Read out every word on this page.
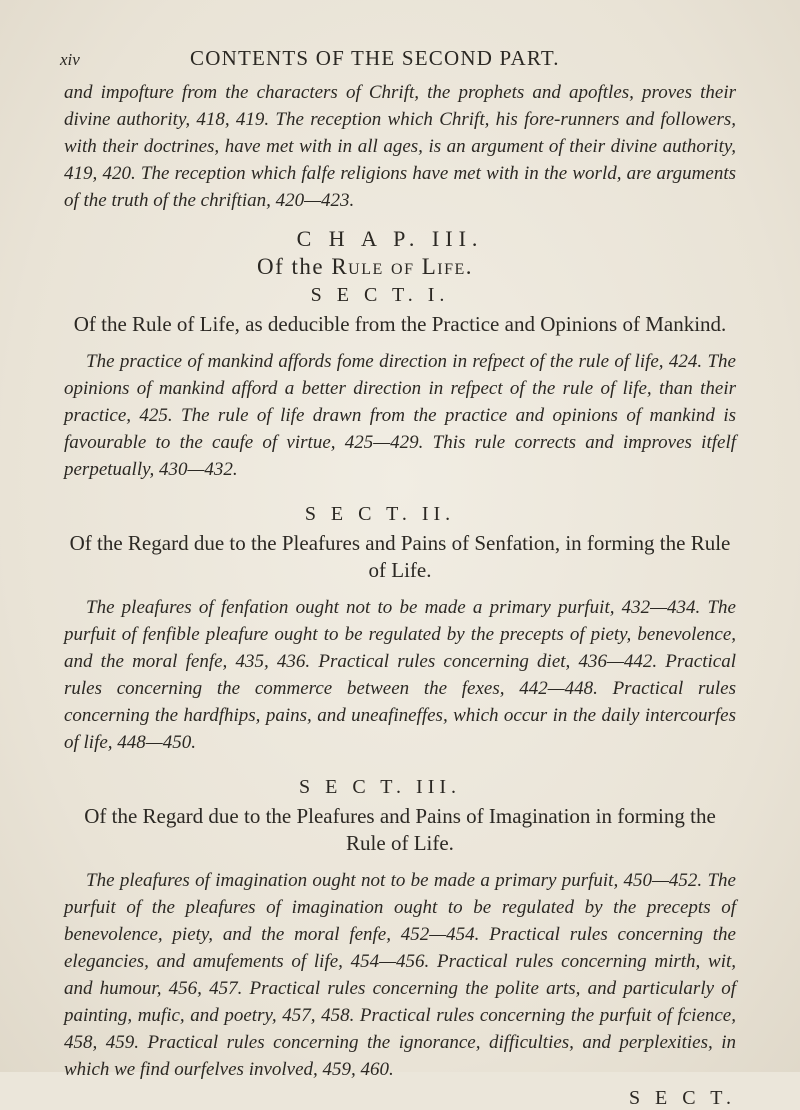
xiv	CONTENTS OF THE SECOND PART.

and impofture from the characters of Chrift, the prophets and apoftles, proves their divine authority, 418, 419. The reception which Chrift, his fore-runners and followers, with their doctrines, have met with in all ages, is an argument of their divine authority, 419, 420. The reception which falfe religions have met with in the world, are arguments of the truth of the chriftian, 420—423.

C H A P. III.
Of the Rule of Life.
S E C T. I.
Of the Rule of Life, as deducible from the Practice and Opinions of Mankind.

The practice of mankind affords fome direction in refpect of the rule of life, 424. The opinions of mankind afford a better direction in refpect of the rule of life, than their practice, 425. The rule of life drawn from the practice and opinions of mankind is favourable to the caufe of virtue, 425—429. This rule corrects and improves itfelf perpetually, 430—432.

S E C T. II.
Of the Regard due to the Pleafures and Pains of Senfation, in forming the Rule of Life.

The pleafures of fenfation ought not to be made a primary purfuit, 432—434. The purfuit of fenfible pleafure ought to be regulated by the precepts of piety, benevolence, and the moral fenfe, 435, 436. Practical rules concerning diet, 436—442. Practical rules concerning the commerce between the fexes, 442—448. Practical rules concerning the hardfhips, pains, and uneafineffes, which occur in the daily intercourfes of life, 448—450.

S E C T. III.
Of the Regard due to the Pleafures and Pains of Imagination in forming the Rule of Life.

The pleafures of imagination ought not to be made a primary purfuit, 450—452. The purfuit of the pleafures of imagination ought to be regulated by the precepts of benevolence, piety, and the moral fenfe, 452—454. Practical rules concerning the elegancies, and amufements of life, 454—456. Practical rules concerning mirth, wit, and humour, 456, 457. Practical rules concerning the polite arts, and particularly of painting, mufic, and poetry, 457, 458. Practical rules concerning the purfuit of fcience, 458, 459. Practical rules concerning the ignorance, difficulties, and perplexities, in which we find ourfelves involved, 459, 460.

S E C T.
